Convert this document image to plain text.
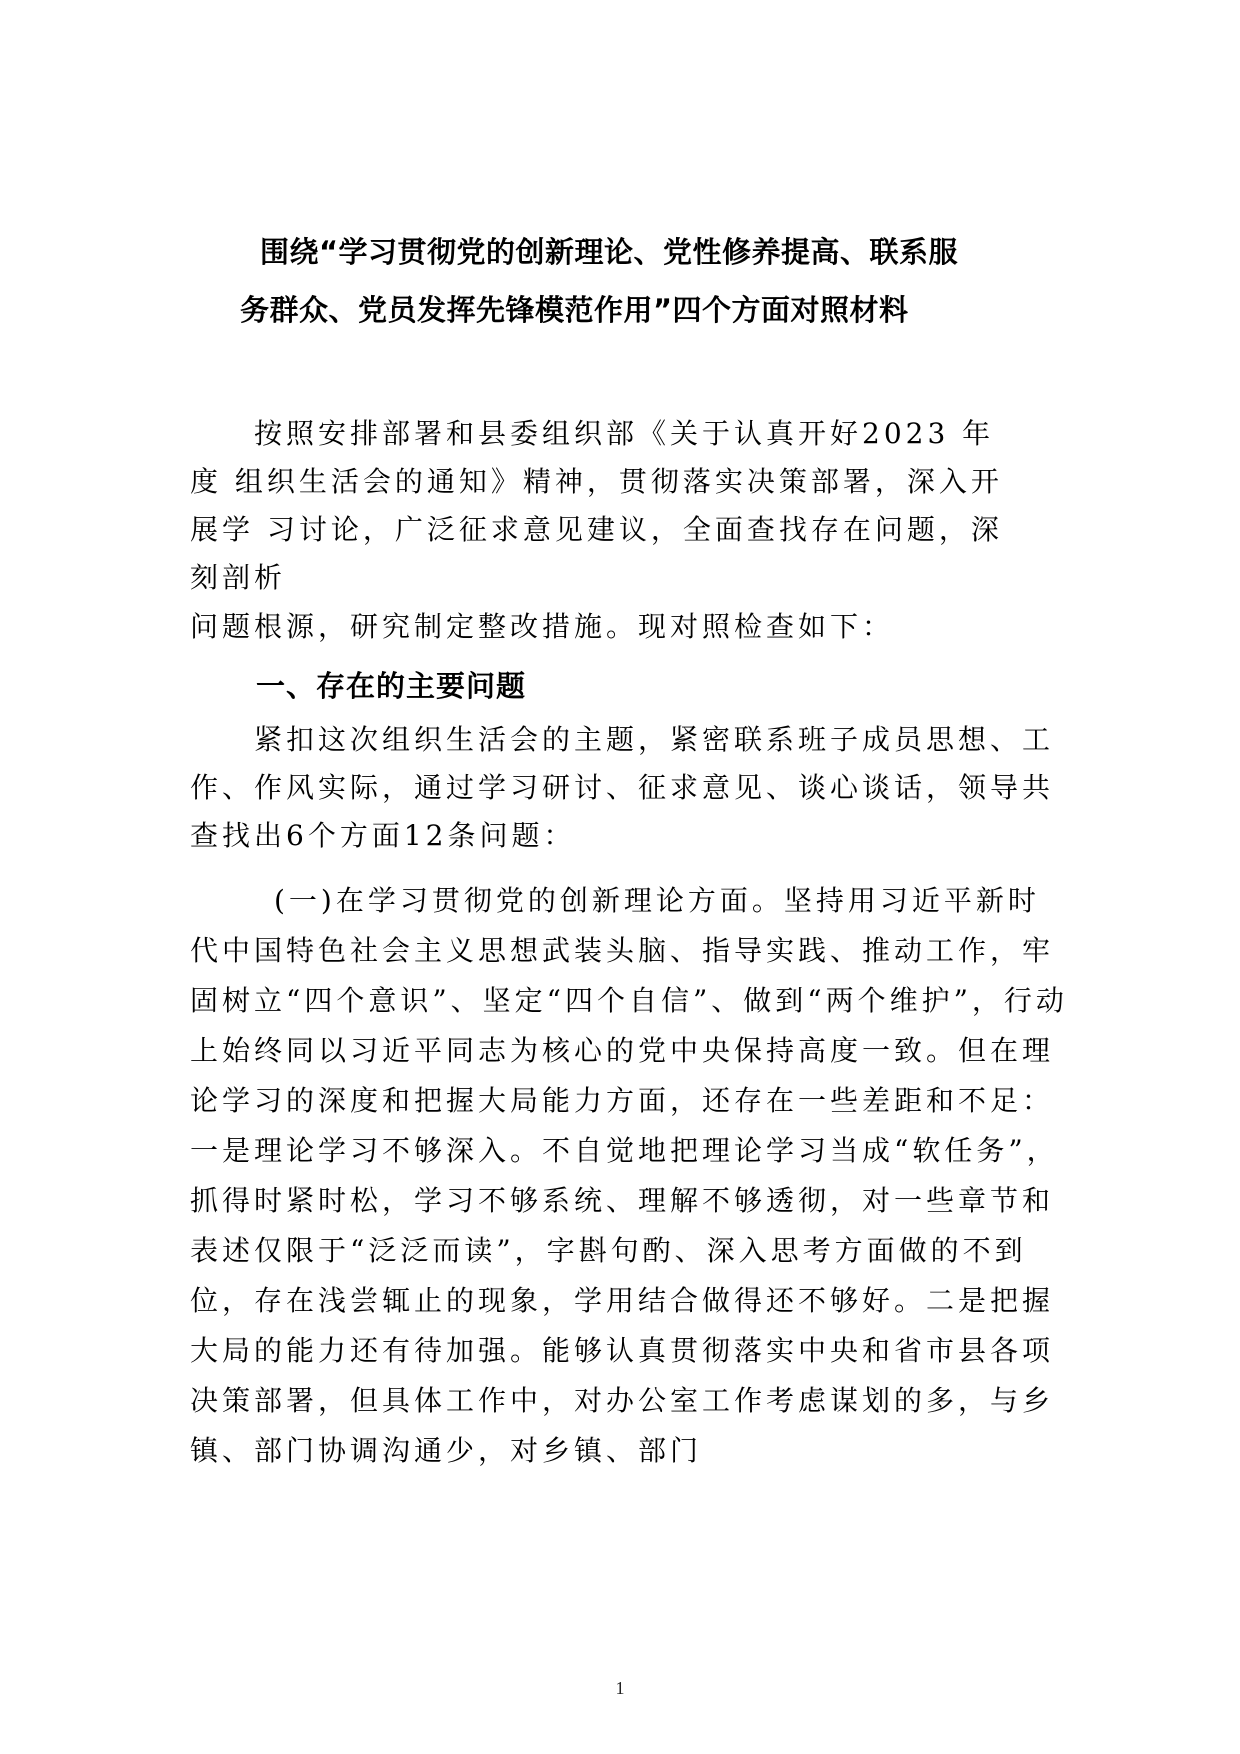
围绕“学习贯彻党的创新理论、党性修养提高、联系服
务群众、党员发挥先锋模范作用”四个方面对照材料
按照安排部署和县委组织部《关于认真开好2023 年
度 组织生活会的通知》精神，贯彻落实决策部署，深入开
展学 习讨论，广泛征求意见建议，全面查找存在问题，深
刻剖析
问题根源，研究制定整改措施。现对照检查如下：
一、存在的主要问题
紧扣这次组织生活会的主题，紧密联系班子成员思想、工作、作风实际，通过学习研讨、征求意见、谈心谈话，领导共查找出6个方面12条问题：
(一)在学习贯彻党的创新理论方面。坚持用习近平新时代中国特色社会主义思想武装头脑、指导实践、推动工作，牢固树立“四个意识”、坚定“四个自信”、做到“两个维护”，行动上始终同以习近平同志为核心的党中央保持高度一致。但在理论学习的深度和把握大局能力方面，还存在一些差距和不足： 一是理论学习不够深入。不自觉地把理论学习当成“软任务”，抓得时紧时松，学习不够系统、理解不够透彻，对一些章节和表述仅限于“泛泛而读”，字斟句酌、深入思考方面做的不到位，存在浅尝辄止的现象，学用结合做得还不够好。二是把握大局的能力还有待加强。能够认真贯彻落实中央和省市县各项决策部署，但具体工作中，对办公室工作考虑谋划的多，与乡镇、部门协调沟通少，对乡镇、部门
1
